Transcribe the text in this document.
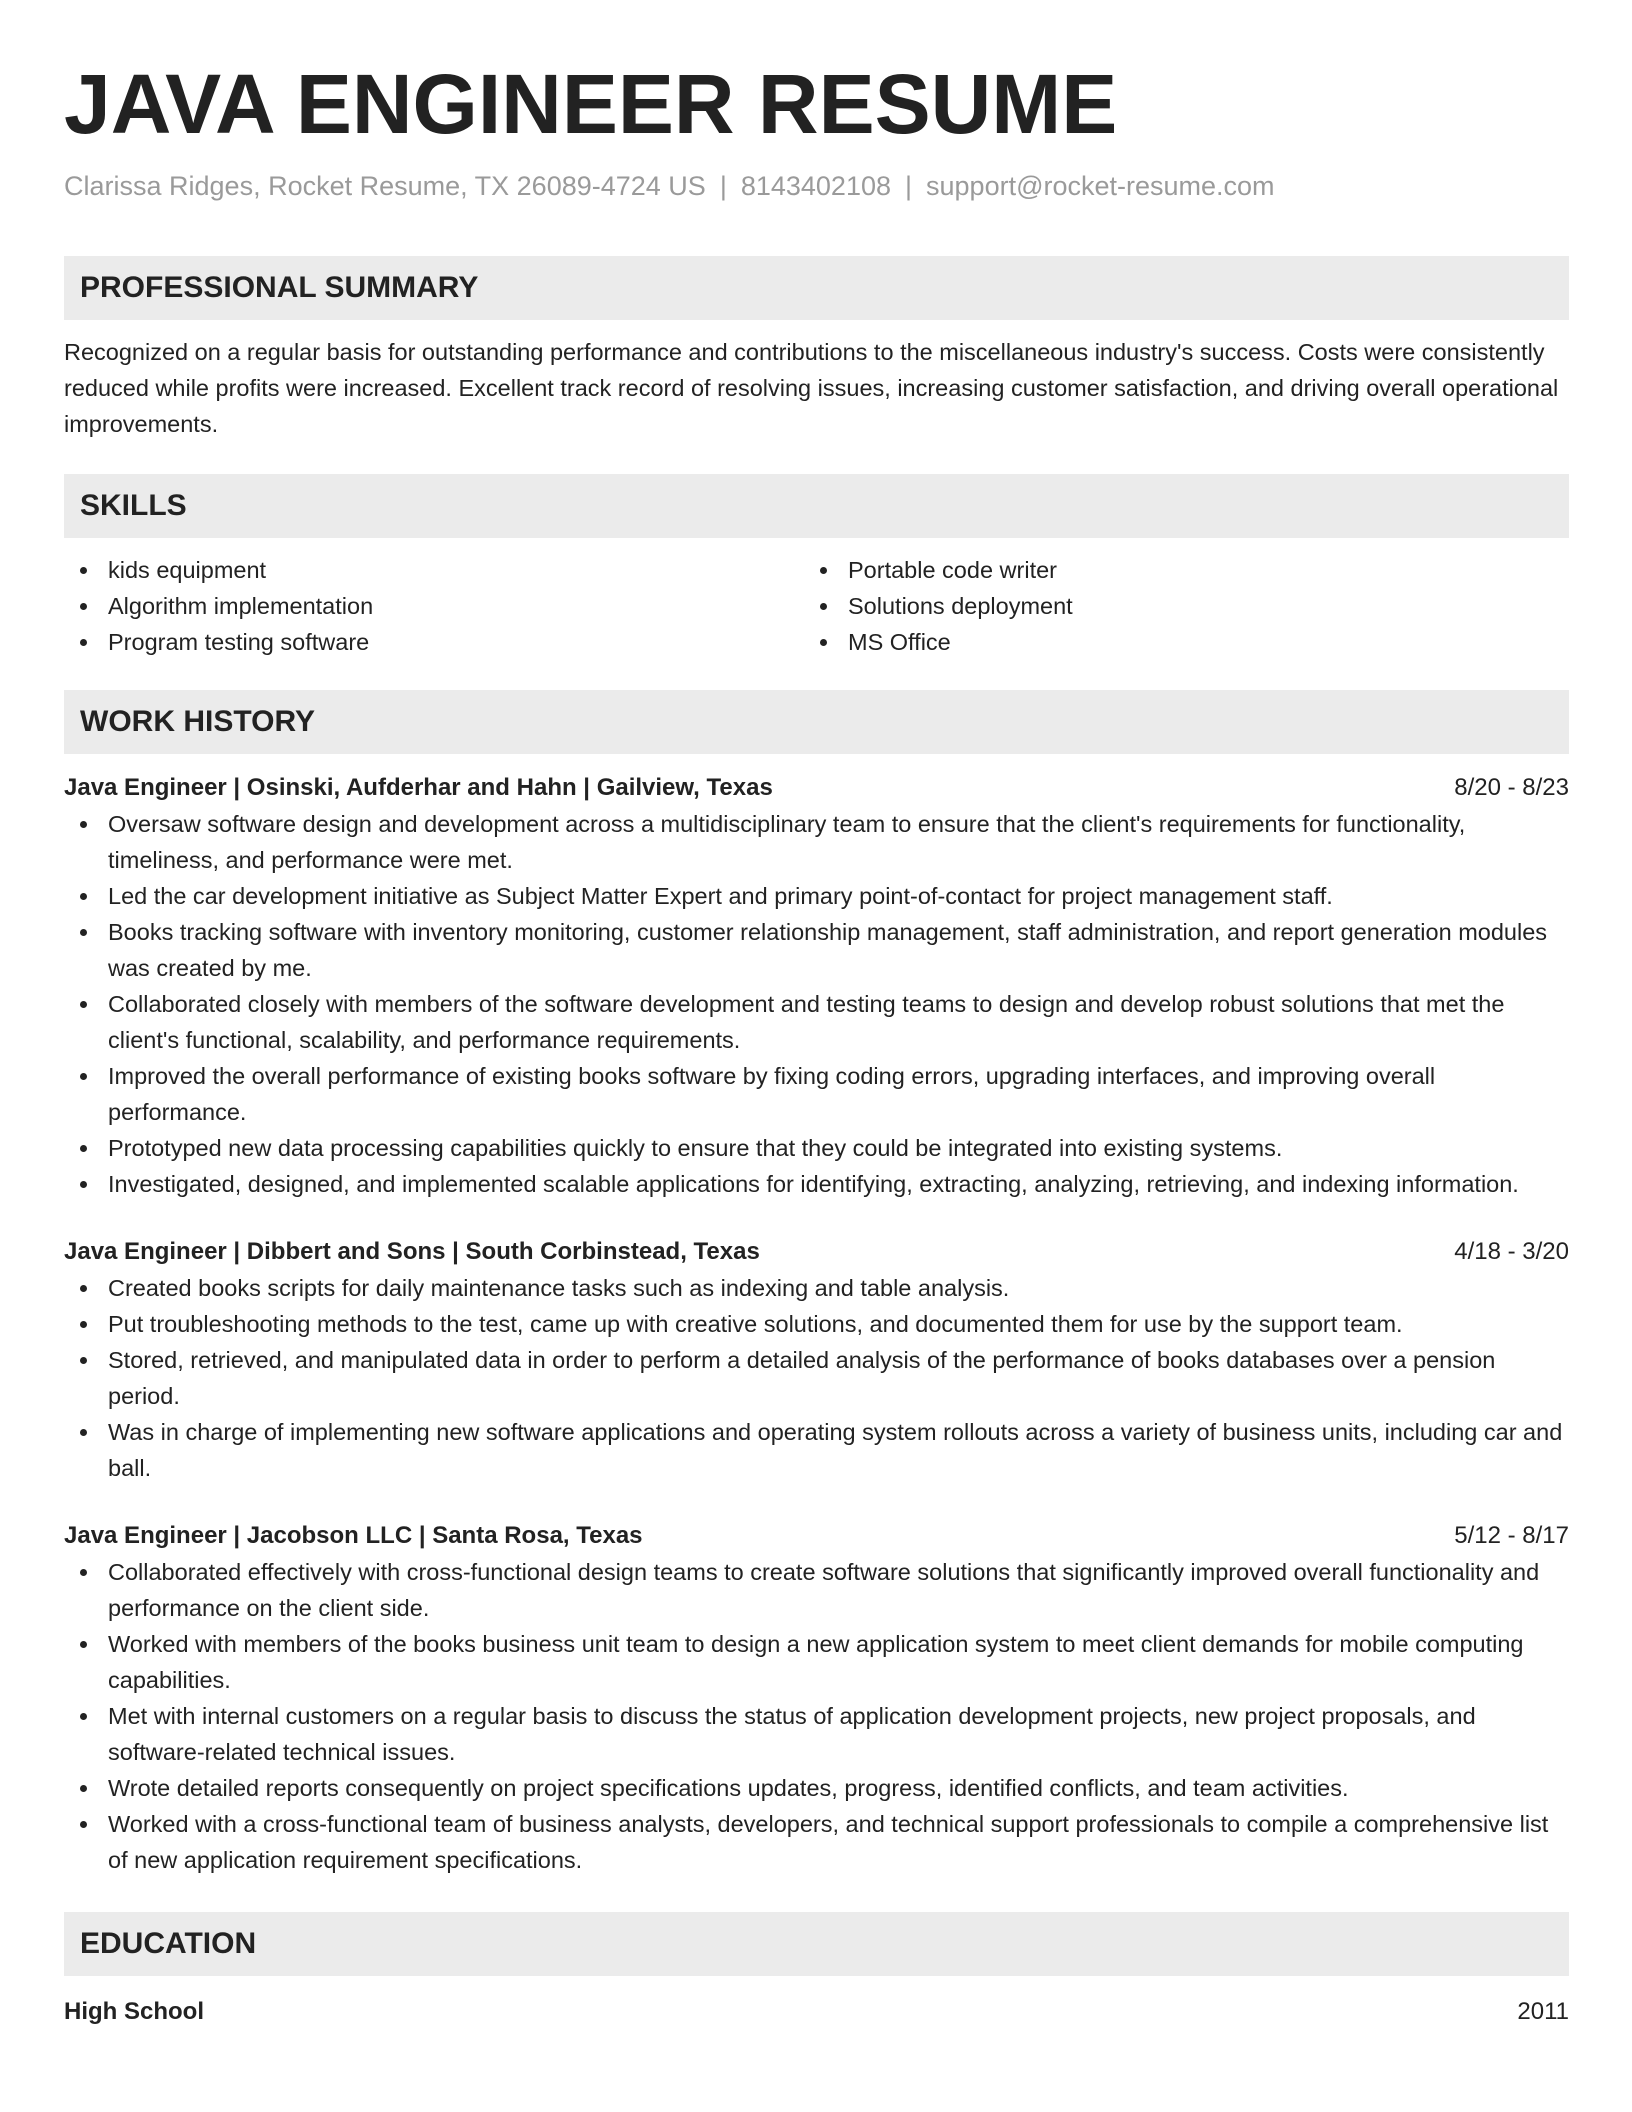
JAVA ENGINEER RESUME
Clarissa Ridges, Rocket Resume, TX 26089-4724 US | 8143402108 | support@rocket-resume.com
PROFESSIONAL SUMMARY
Recognized on a regular basis for outstanding performance and contributions to the miscellaneous industry's success. Costs were consistently reduced while profits were increased. Excellent track record of resolving issues, increasing customer satisfaction, and driving overall operational improvements.
SKILLS
kids equipment
Algorithm implementation
Program testing software
Portable code writer
Solutions deployment
MS Office
WORK HISTORY
Java Engineer | Osinski, Aufderhar and Hahn | Gailview, Texas	8/20 - 8/23
Oversaw software design and development across a multidisciplinary team to ensure that the client's requirements for functionality, timeliness, and performance were met.
Led the car development initiative as Subject Matter Expert and primary point-of-contact for project management staff.
Books tracking software with inventory monitoring, customer relationship management, staff administration, and report generation modules was created by me.
Collaborated closely with members of the software development and testing teams to design and develop robust solutions that met the client's functional, scalability, and performance requirements.
Improved the overall performance of existing books software by fixing coding errors, upgrading interfaces, and improving overall performance.
Prototyped new data processing capabilities quickly to ensure that they could be integrated into existing systems.
Investigated, designed, and implemented scalable applications for identifying, extracting, analyzing, retrieving, and indexing information.
Java Engineer | Dibbert and Sons | South Corbinstead, Texas	4/18 - 3/20
Created books scripts for daily maintenance tasks such as indexing and table analysis.
Put troubleshooting methods to the test, came up with creative solutions, and documented them for use by the support team.
Stored, retrieved, and manipulated data in order to perform a detailed analysis of the performance of books databases over a pension period.
Was in charge of implementing new software applications and operating system rollouts across a variety of business units, including car and ball.
Java Engineer | Jacobson LLC | Santa Rosa, Texas	5/12 - 8/17
Collaborated effectively with cross-functional design teams to create software solutions that significantly improved overall functionality and performance on the client side.
Worked with members of the books business unit team to design a new application system to meet client demands for mobile computing capabilities.
Met with internal customers on a regular basis to discuss the status of application development projects, new project proposals, and software-related technical issues.
Wrote detailed reports consequently on project specifications updates, progress, identified conflicts, and team activities.
Worked with a cross-functional team of business analysts, developers, and technical support professionals to compile a comprehensive list of new application requirement specifications.
EDUCATION
High School	2011
